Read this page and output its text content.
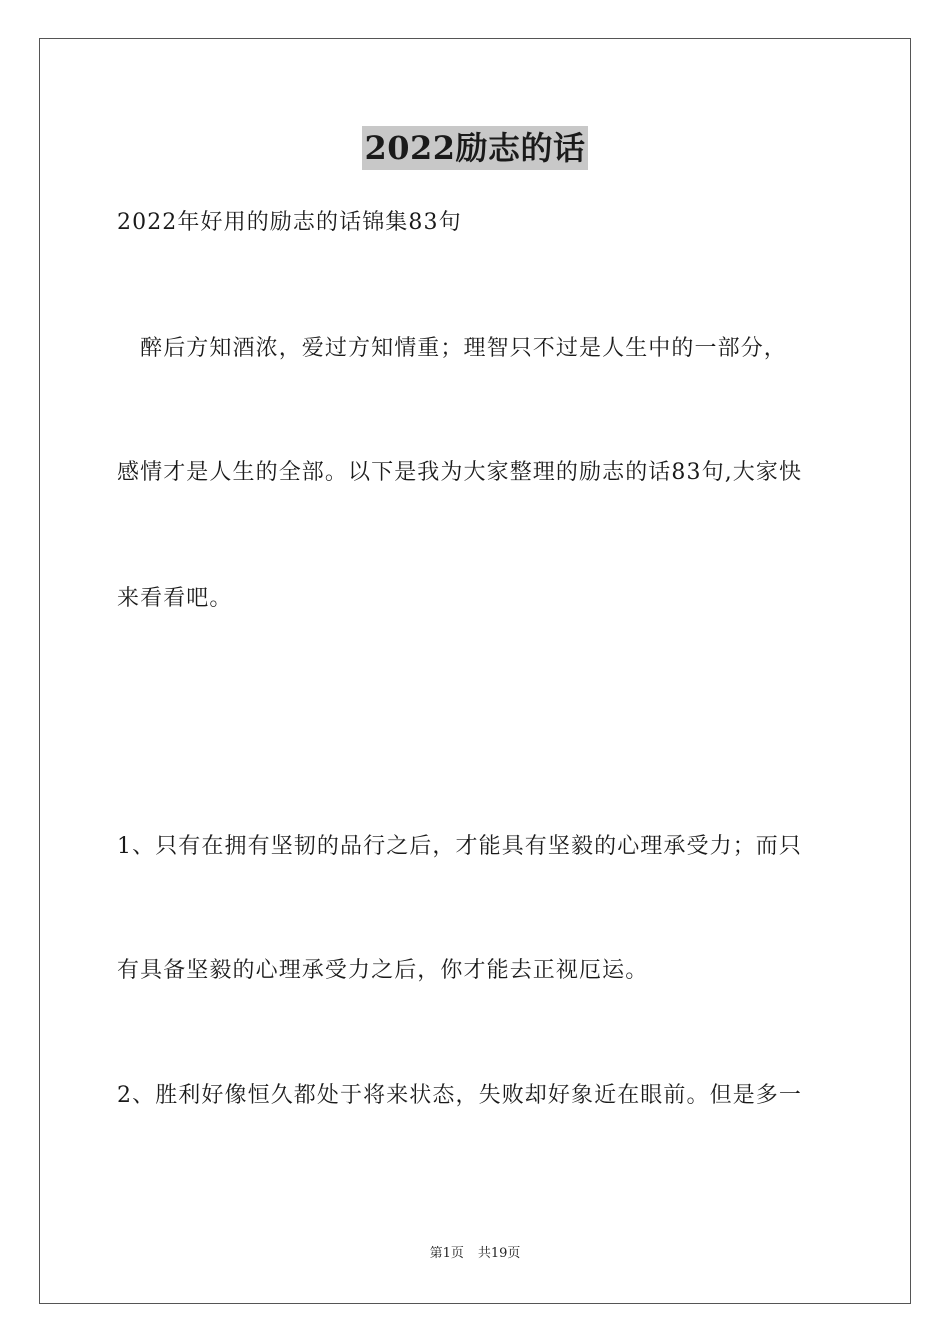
2022励志的话
2022年好用的励志的话锦集83句
　醉后方知酒浓，爱过方知情重；理智只不过是人生中的一部分，
感情才是人生的全部。以下是我为大家整理的励志的话83句,大家快
来看看吧。
1、只有在拥有坚韧的品行之后，才能具有坚毅的心理承受力；而只
有具备坚毅的心理承受力之后，你才能去正视厄运。
2、胜利好像恒久都处于将来状态，失败却好象近在眼前。但是多一
第1页 共19页
